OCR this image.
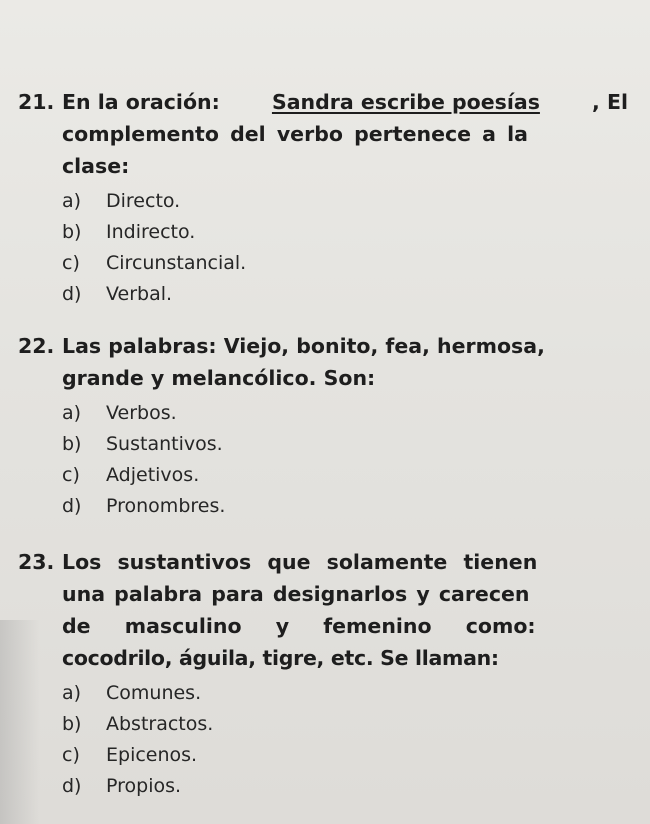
21. En la oración:	Sandra escribe poesías	, El
complemento del verbo pertenece a la
clase:
a) Directo.
b) Indirecto.
c) Circunstancial.
d) Verbal.
22. Las palabras: Viejo, bonito, fea, hermosa,
grande y melancólico. Son:
a) Verbos.
b) Sustantivos.
c) Adjetivos.
d) Pronombres.
23. Los sustantivos que solamente tienen
una palabra para designarlos y carecen
de masculino y femenino como:
cocodrilo, águila, tigre, etc. Se llaman:
a) Comunes.
b) Abstractos.
c) Epicenos.
d) Propios.
